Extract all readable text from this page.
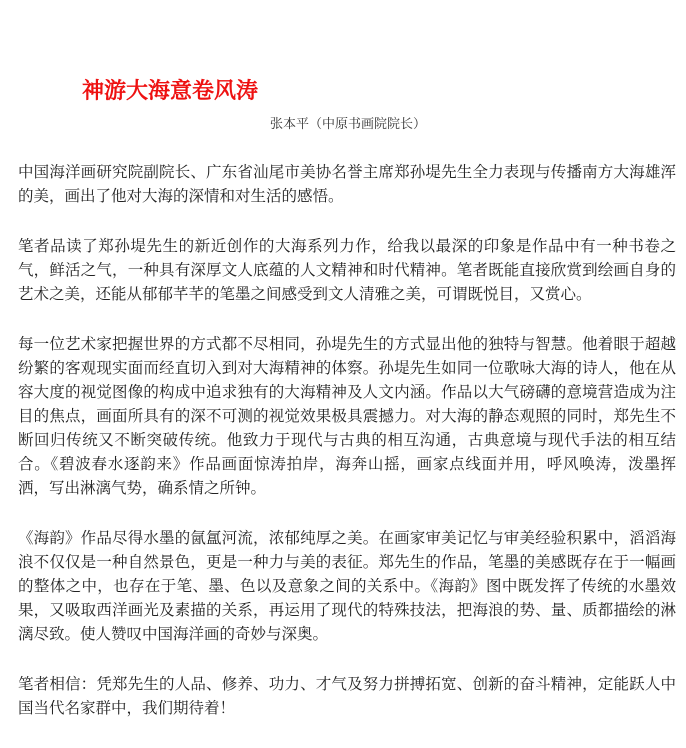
神游大海意卷风涛
张本平（中原书画院院长）

中国海洋画研究院副院长、广东省汕尾市美协名誉主席郑孙堤先生全力表现与传播南方大海雄浑的美，画出了他对大海的深情和对生活的感悟。

笔者品读了郑孙堤先生的新近创作的大海系列力作，给我以最深的印象是作品中有一种书卷之气，鲜活之气，一种具有深厚文人底蕴的人文精神和时代精神。笔者既能直接欣赏到绘画自身的艺术之美，还能从郁郁芊芊的笔墨之间感受到文人清雅之美，可谓既悦目，又赏心。

每一位艺术家把握世界的方式都不尽相同，孙堤先生的方式显出他的独特与智慧。他着眼于超越纷繁的客观现实面而经直切入到对大海精神的体察。孙堤先生如同一位歌咏大海的诗人，他在从容大度的视觉图像的构成中追求独有的大海精神及人文内涵。作品以大气磅礴的意境营造成为注目的焦点，画面所具有的深不可测的视觉效果极具震撼力。对大海的静态观照的同时，郑先生不断回归传统又不断突破传统。他致力于现代与古典的相互沟通，古典意境与现代手法的相互结合。《碧波春水逐韵来》作品画面惊涛拍岸，海奔山摇，画家点线面并用，呼风唤涛，泼墨挥洒，写出淋漓气势，确系情之所钟。

《海韵》作品尽得水墨的氤氲河流，浓郁纯厚之美。在画家审美记忆与审美经验积累中，滔滔海浪不仅仅是一种自然景色，更是一种力与美的表征。郑先生的作品，笔墨的美感既存在于一幅画的整体之中，也存在于笔、墨、色以及意象之间的关系中。《海韵》图中既发挥了传统的水墨效果，又吸取西洋画光及素描的关系，再运用了现代的特殊技法，把海浪的势、量、质都描绘的淋漓尽致。使人赞叹中国海洋画的奇妙与深奥。

笔者相信：凭郑先生的人品、修养、功力、才气及努力拼搏拓宽、创新的奋斗精神，定能跃人中国当代名家群中，我们期待着！
